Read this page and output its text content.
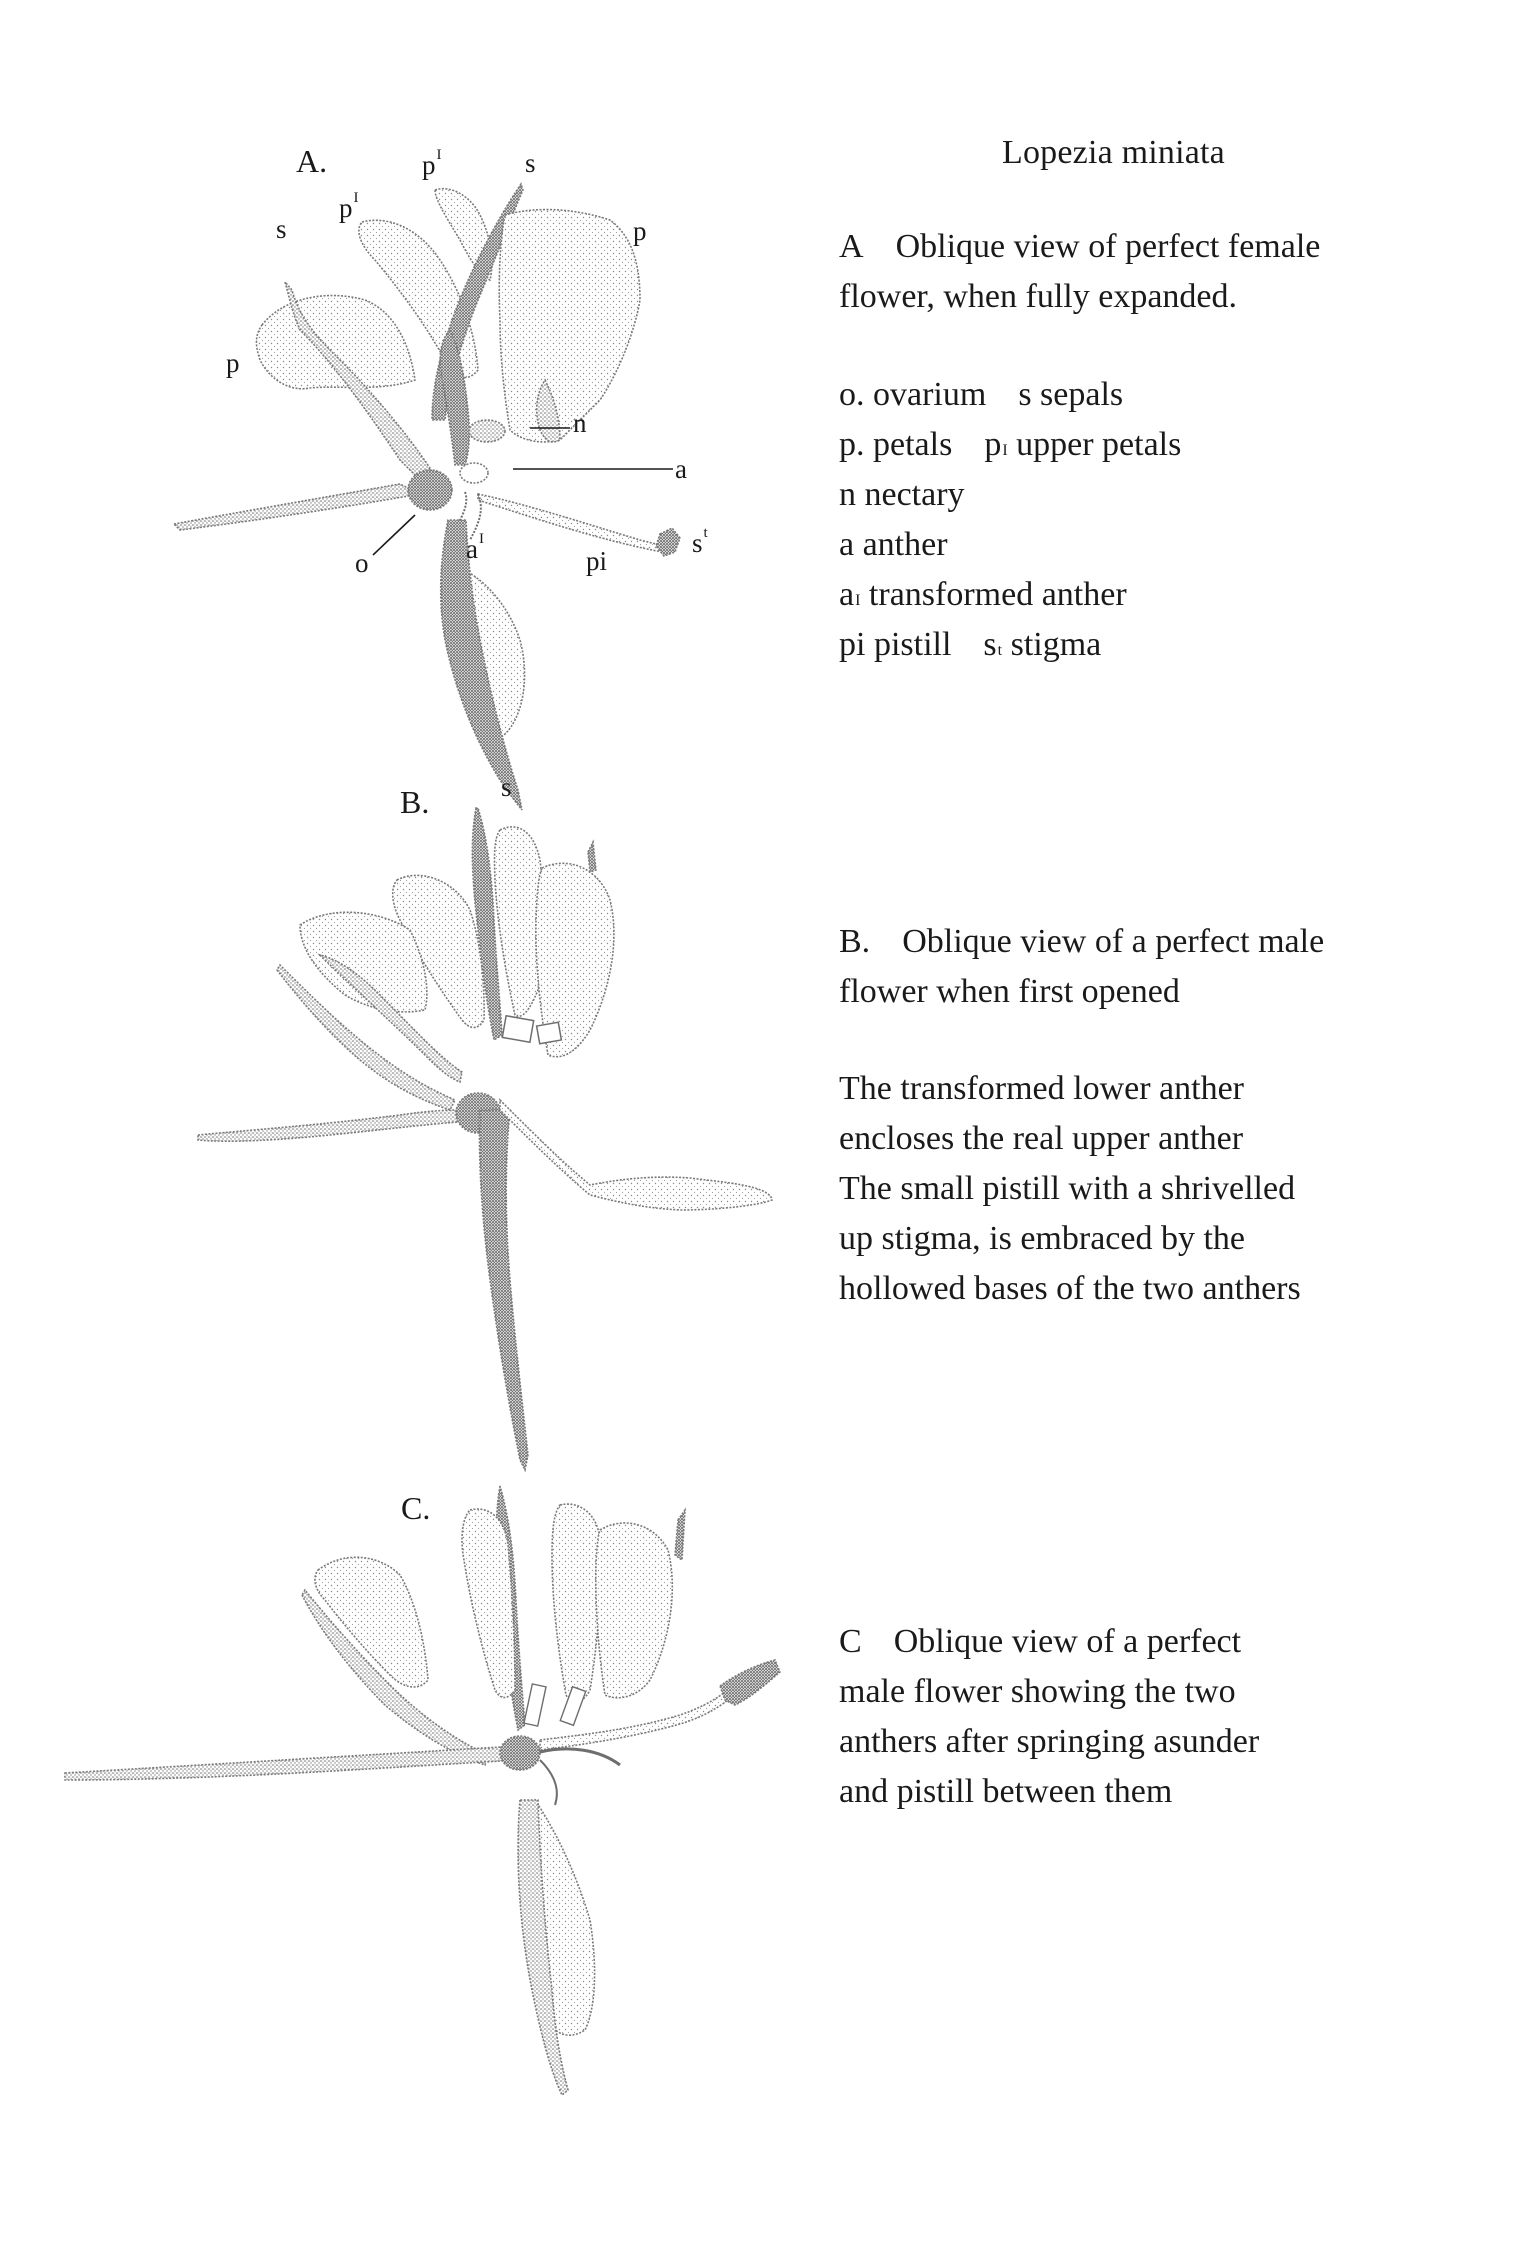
A.
B.
C.
s
$p^I$
$p^I$	s
p
p
n
a
o	$a^I$
pi
$s^t$
s
Lopezia miniata
A Oblique view of perfect female
flower, when fully expanded.
o. ovarium s sepals
p. petals $p^I$ upper petals
n nectary
a anther
$a^I$ transformed anther
pi pistill $s^t$ stigma
B. Oblique view of a perfect male
flower when first opened
The transformed lower anther
encloses the real upper anther
The small pistill with a shrivelled
up stigma, is embraced by the
hollowed bases of the two anthers
C Oblique view of a perfect
male flower showing the two
anthers after springing asunder
and pistill between them
